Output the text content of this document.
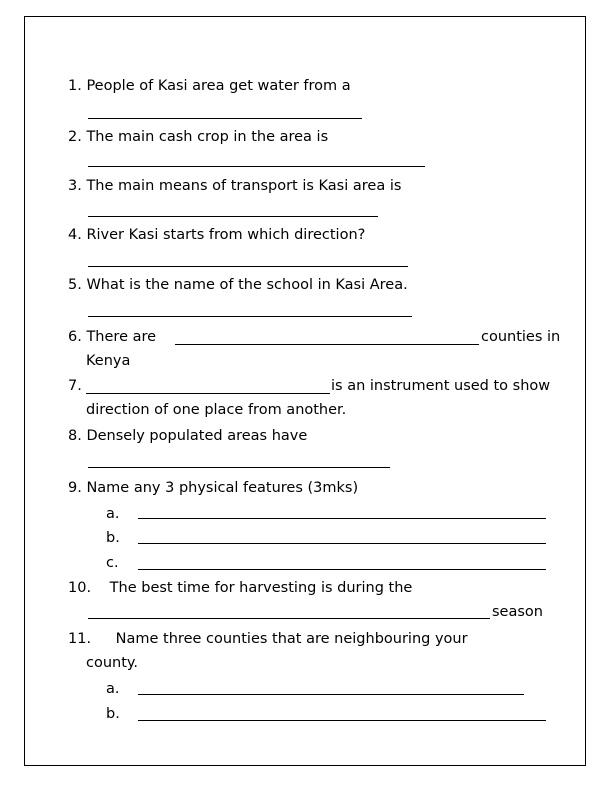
1. People of Kasi area get water from a
2. The main cash crop in the area is
3. The main means of transport is Kasi area is
4. River Kasi starts from which direction?
5. What is the name of the school in Kasi Area.
6. There are	counties in
Kenya
7.	is an instrument used to show
direction of one place from another.
8. Densely populated areas have
9. Name any 3 physical features (3mks)
a.
b.
c.
10. The best time for harvesting is during the
season
11. Name three counties that are neighbouring your
county.
a.
b.
